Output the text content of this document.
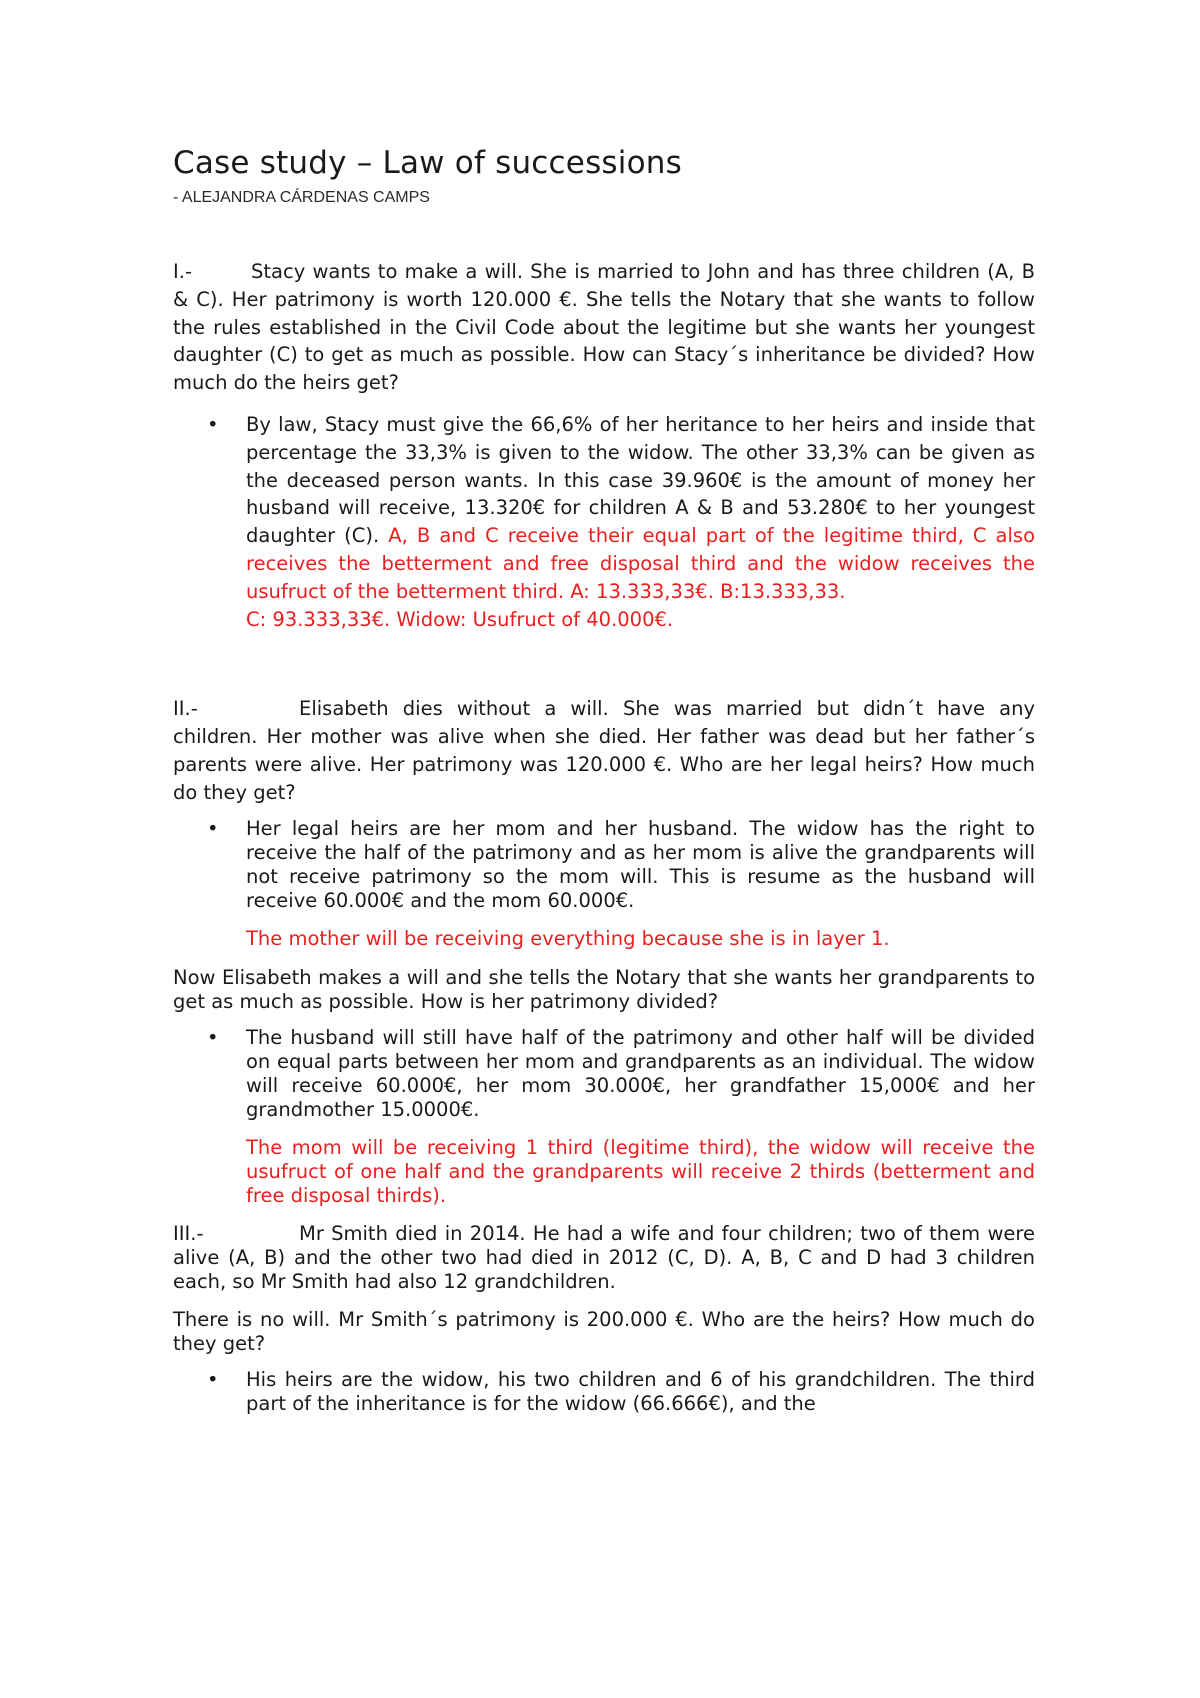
Case study – Law of successions
- ALEJANDRA CÁRDENAS CAMPS

I.-	Stacy wants to make a will. She is married to John and has three children (A, B & C). Her patrimony is worth 120.000 €. She tells the Notary that she wants to follow the rules established in the Civil Code about the legitime but she wants her youngest daughter (C) to get as much as possible. How can Stacy´s inheritance be divided? How much do the heirs get?

• By law, Stacy must give the 66,6% of her heritance to her heirs and inside that percentage the 33,3% is given to the widow. The other 33,3% can be given as the deceased person wants. In this case 39.960€ is the amount of money her husband will receive, 13.320€ for children A & B and 53.280€ to her youngest daughter (C). A, B and C receive their equal part of the legitime third, C also receives the betterment and free disposal third and the widow receives the usufruct of the betterment third. A: 13.333,33€. B:13.333,33.
C: 93.333,33€. Widow: Usufruct of 40.000€.

II.-	Elisabeth dies without a will. She was married but didn´t have any children. Her mother was alive when she died. Her father was dead but her father´s parents were alive. Her patrimony was 120.000 €. Who are her legal heirs? How much do they get?

• Her legal heirs are her mom and her husband. The widow has the right to receive the half of the patrimony and as her mom is alive the grandparents will not receive patrimony so the mom will. This is resume as the husband will receive 60.000€ and the mom 60.000€.

The mother will be receiving everything because she is in layer 1.

Now Elisabeth makes a will and she tells the Notary that she wants her grandparents to get as much as possible. How is her patrimony divided?

• The husband will still have half of the patrimony and other half will be divided on equal parts between her mom and grandparents as an individual. The widow will receive 60.000€, her mom 30.000€, her grandfather 15,000€ and her grandmother 15.0000€.

The mom will be receiving 1 third (legitime third), the widow will receive the usufruct of one half and the grandparents will receive 2 thirds (betterment and free disposal thirds).

III.-	Mr Smith died in 2014. He had a wife and four children; two of them were alive (A, B) and the other two had died in 2012 (C, D). A, B, C and D had 3 children each, so Mr Smith had also 12 grandchildren.

There is no will. Mr Smith´s patrimony is 200.000 €. Who are the heirs? How much do they get?

• His heirs are the widow, his two children and 6 of his grandchildren. The third part of the inheritance is for the widow (66.666€), and the
